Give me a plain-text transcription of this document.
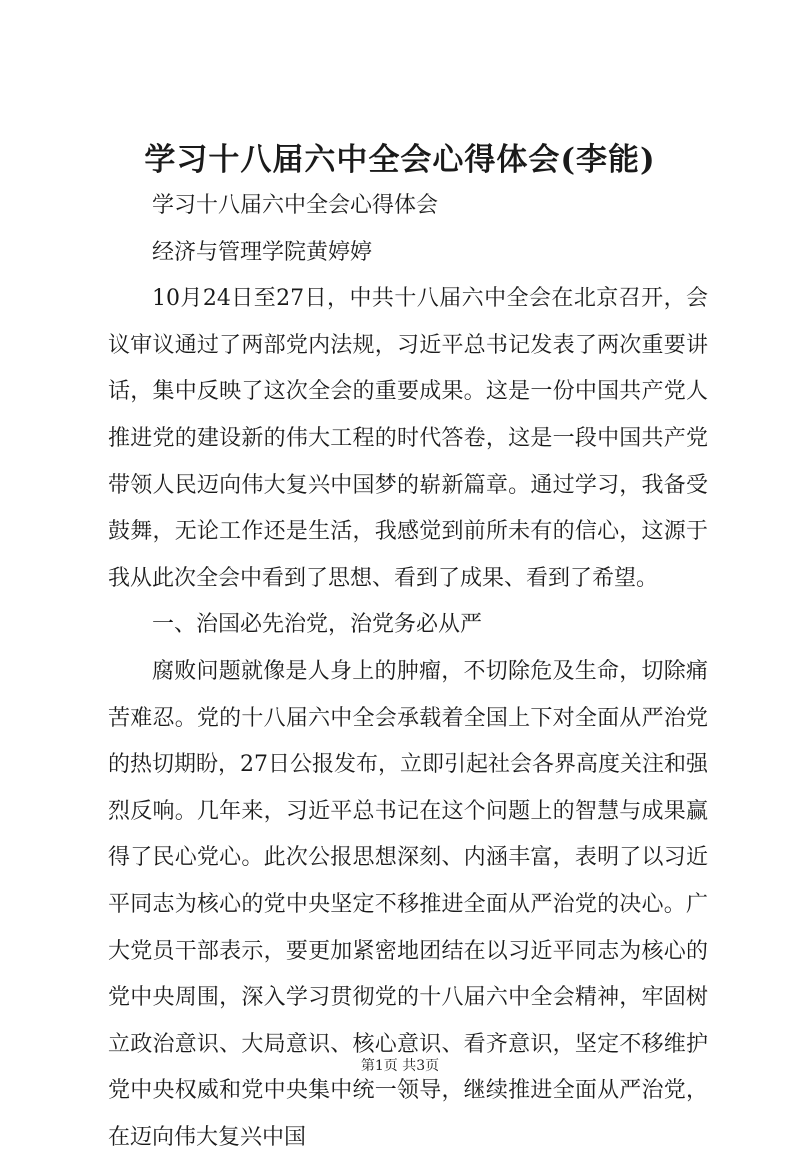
学习十八届六中全会心得体会(李能)

学习十八届六中全会心得体会

经济与管理学院黄婷婷

10月24日至27日，中共十八届六中全会在北京召开，会议审议通过了两部党内法规，习近平总书记发表了两次重要讲话，集中反映了这次全会的重要成果。这是一份中国共产党人推进党的建设新的伟大工程的时代答卷，这是一段中国共产党带领人民迈向伟大复兴中国梦的崭新篇章。通过学习，我备受鼓舞，无论工作还是生活，我感觉到前所未有的信心，这源于我从此次全会中看到了思想、看到了成果、看到了希望。

一、治国必先治党，治党务必从严

腐败问题就像是人身上的肿瘤，不切除危及生命，切除痛苦难忍。党的十八届六中全会承载着全国上下对全面从严治党的热切期盼，27日公报发布，立即引起社会各界高度关注和强烈反响。几年来，习近平总书记在这个问题上的智慧与成果赢得了民心党心。此次公报思想深刻、内涵丰富，表明了以习近平同志为核心的党中央坚定不移推进全面从严治党的决心。广大党员干部表示，要更加紧密地团结在以习近平同志为核心的党中央周围，深入学习贯彻党的十八届六中全会精神，牢固树立政治意识、大局意识、核心意识、看齐意识，坚定不移维护党中央权威和党中央集中统一领导，继续推进全面从严治党，在迈向伟大复兴中国

第1页 共3页
